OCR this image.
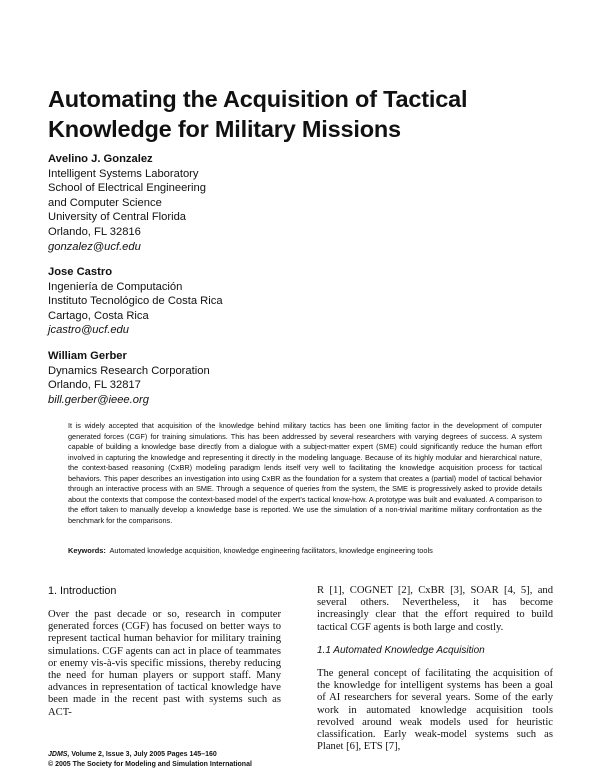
Automating the Acquisition of Tactical Knowledge for Military Missions
Avelino J. Gonzalez
Intelligent Systems Laboratory
School of Electrical Engineering
and Computer Science
University of Central Florida
Orlando, FL 32816
gonzalez@ucf.edu
Jose Castro
Ingeniería de Computación
Instituto Tecnológico de Costa Rica
Cartago, Costa Rica
jcastro@ucf.edu
William Gerber
Dynamics Research Corporation
Orlando, FL 32817
bill.gerber@ieee.org

It is widely accepted that acquisition of the knowledge behind military tactics has been one limiting factor in the development of computer generated forces (CGF) for training simulations. This has been addressed by several researchers with varying degrees of success. A system capable of building a knowledge base directly from a dialogue with a subject-matter expert (SME) could significantly reduce the human effort involved in capturing the knowledge and representing it directly in the modeling language. Because of its highly modular and hierarchical nature, the context-based reasoning (CxBR) modeling paradigm lends itself very well to facilitating the knowledge acquisition process for tactical behaviors. This paper describes an investigation into using CxBR as the foundation for a system that creates a (partial) model of tactical behavior through an interactive process with an SME. Through a sequence of queries from the system, the SME is progressively asked to provide details about the contexts that compose the context-based model of the expert's tactical know-how. A prototype was built and evaluated. A comparison to the effort taken to manually develop a knowledge base is reported. We use the simulation of a non-trivial maritime military confrontation as the benchmark for the comparisons.

Keywords: Automated knowledge acquisition, knowledge engineering facilitators, knowledge engineering tools

1. Introduction

Over the past decade or so, research in computer generated forces (CGF) has focused on better ways to represent tactical human behavior for military training simulations. CGF agents can act in place of teammates or enemy vis-à-vis specific missions, thereby reducing the need for human players or support staff. Many advances in representation of tactical knowledge have been made in the recent past with systems such as ACT-

R [1], COGNET [2], CxBR [3], SOAR [4, 5], and several others. Nevertheless, it has become increasingly clear that the effort required to build tactical CGF agents is both large and costly.

1.1 Automated Knowledge Acquisition

The general concept of facilitating the acquisition of the knowledge for intelligent systems has been a goal of AI researchers for several years. Some of the early work in automated knowledge acquisition tools revolved around weak models used for heuristic classification. Early weak-model systems such as Planet [6], ETS [7],

JDMS, Volume 2, Issue 3, July 2005 Pages 145–160
© 2005 The Society for Modeling and Simulation International
